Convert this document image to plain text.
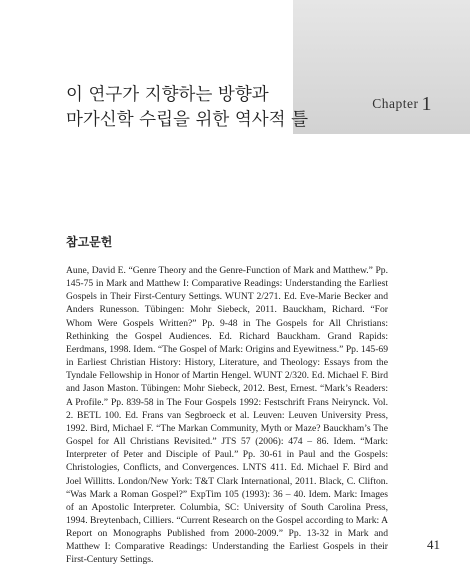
Chapter 1
이 연구가 지향하는 방향과
마가신학 수립을 위한 역사적 틀
참고문헌

Aune, David E. “Genre Theory and the Genre-Function of Mark and Matthew.” Pp. 145-75 in Mark and Matthew I: Comparative Readings: Understanding the Earliest Gospels in Their First-Century Settings. WUNT 2/271. Ed. Eve-Marie Becker and Anders Runesson. Tübingen: Mohr Siebeck, 2011. Bauckham, Richard. “For Whom Were Gospels Written?” Pp. 9-48 in The Gospels for All Christians: Rethinking the Gospel Audiences. Ed. Richard Bauckham. Grand Rapids: Eerdmans, 1998. Idem. “The Gospel of Mark: Origins and Eyewitness.” Pp. 145-69 in Earliest Christian History: History, Literature, and Theology: Essays from the Tyndale Fellowship in Honor of Martin Hengel. WUNT 2/320. Ed. Michael F. Bird and Jason Maston. Tübingen: Mohr Siebeck, 2012. Best, Ernest. “Mark’s Readers: A Profile.” Pp. 839-58 in The Four Gospels 1992: Festschrift Frans Neirynck. Vol. 2. BETL 100. Ed. Frans van Segbroeck et al. Leuven: Leuven University Press, 1992. Bird, Michael F. “The Markan Community, Myth or Maze? Bauckham’s The Gospel for All Christians Revisited.” JTS 57 (2006): 474 – 86. Idem. “Mark: Interpreter of Peter and Disciple of Paul.” Pp. 30-61 in Paul and the Gospels: Christologies, Conflicts, and Convergences. LNTS 411. Ed. Michael F. Bird and Joel Willitts. London/New York: T&T Clark International, 2011. Black, C. Clifton. “Was Mark a Roman Gospel?” ExpTim 105 (1993): 36 – 40. Idem. Mark: Images of an Apostolic Interpreter. Columbia, SC: University of South Carolina Press, 1994. Breytenbach, Cilliers. “Current Research on the Gospel according to Mark: A Report on Monographs Published from 2000-2009.” Pp. 13-32 in Mark and Matthew I: Comparative Readings: Understanding the Earliest Gospels in their First-Century Settings.

41
